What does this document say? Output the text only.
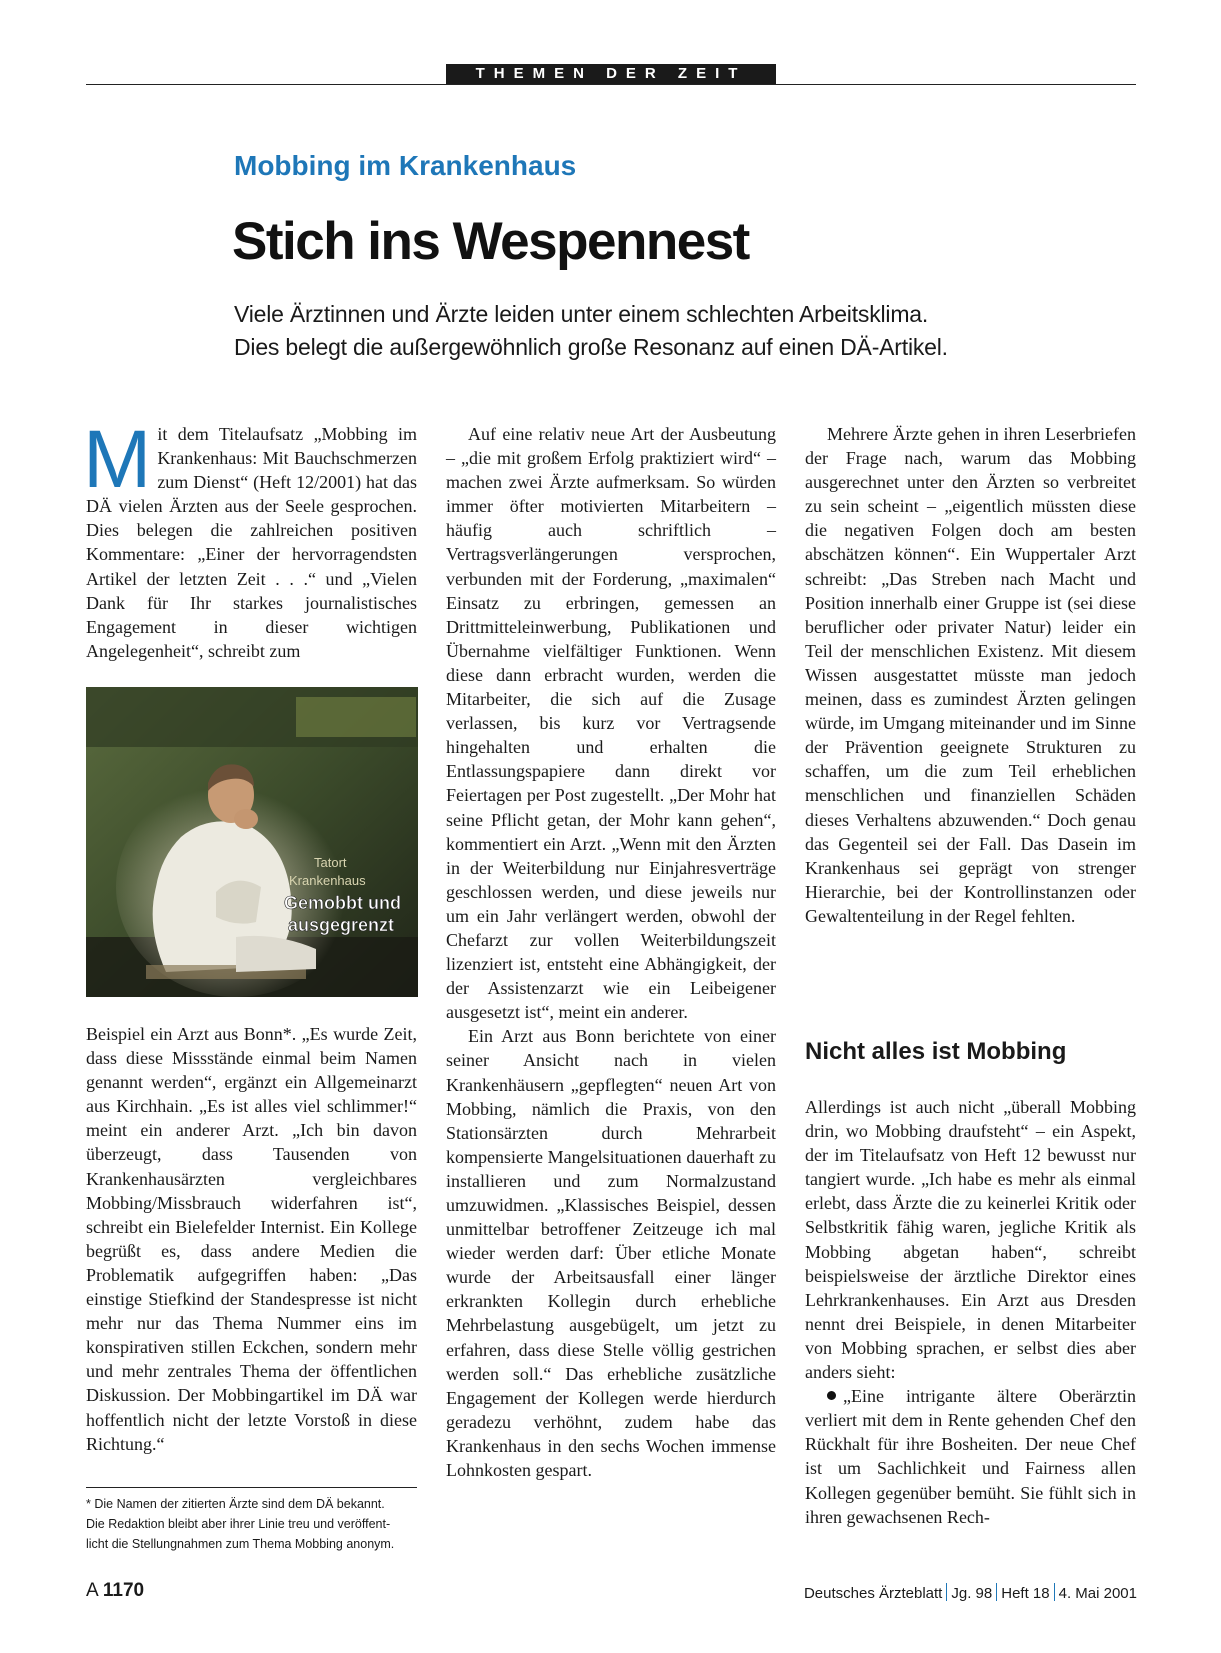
THEMEN DER ZEIT
Mobbing im Krankenhaus
Stich ins Wespennest
Viele Ärztinnen und Ärzte leiden unter einem schlechten Arbeitsklima.
Dies belegt die außergewöhnlich große Resonanz auf einen DÄ-Artikel.

Mit dem Titelaufsatz „Mobbing im Krankenhaus: Mit Bauchschmerzen zum Dienst“ (Heft 12/2001) hat das DÄ vielen Ärzten aus der Seele gesprochen. Dies belegen die zahlreichen positiven Kommentare: „Einer der hervorragendsten Artikel der letzten Zeit . . .“ und „Vielen Dank für Ihr starkes journalistisches Engagement in dieser wichtigen Angelegenheit“, schreibt zum

Tatort
Krankenhaus
Gemobbt und
ausgegrenzt

Beispiel ein Arzt aus Bonn*. „Es wurde Zeit, dass diese Missstände einmal beim Namen genannt werden“, ergänzt ein Allgemeinarzt aus Kirchhain. „Es ist alles viel schlimmer!“ meint ein anderer Arzt. „Ich bin davon überzeugt, dass Tausenden von Krankenhausärzten vergleichbares Mobbing/Missbrauch widerfahren ist“, schreibt ein Bielefelder Internist. Ein Kollege begrüßt es, dass andere Medien die Problematik aufgegriffen haben: „Das einstige Stiefkind der Standespresse ist nicht mehr nur das Thema Nummer eins im konspirativen stillen Eckchen, sondern mehr und mehr zentrales Thema der öffentlichen Diskussion. Der Mobbingartikel im DÄ war hoffentlich nicht der letzte Vorstoß in diese Richtung.“

* Die Namen der zitierten Ärzte sind dem DÄ bekannt.
Die Redaktion bleibt aber ihrer Linie treu und veröffent-
licht die Stellungnahmen zum Thema Mobbing anonym.

Auf eine relativ neue Art der Ausbeutung – „die mit großem Erfolg praktiziert wird“ – machen zwei Ärzte aufmerksam. So würden immer öfter motivierten Mitarbeitern – häufig auch schriftlich – Vertragsverlängerungen versprochen, verbunden mit der Forderung, „maximalen“ Einsatz zu erbringen, gemessen an Drittmitteleinwerbung, Publikationen und Übernahme vielfältiger Funktionen. Wenn diese dann erbracht wurden, werden die Mitarbeiter, die sich auf die Zusage verlassen, bis kurz vor Vertragsende hingehalten und erhalten die Entlassungspapiere dann direkt vor Feiertagen per Post zugestellt. „Der Mohr hat seine Pflicht getan, der Mohr kann gehen“, kommentiert ein Arzt. „Wenn mit den Ärzten in der Weiterbildung nur Einjahresverträge geschlossen werden, und diese jeweils nur um ein Jahr verlängert werden, obwohl der Chefarzt zur vollen Weiterbildungszeit lizenziert ist, entsteht eine Abhängigkeit, der der Assistenzarzt wie ein Leibeigener ausgesetzt ist“, meint ein anderer.

Ein Arzt aus Bonn berichtete von einer seiner Ansicht nach in vielen Krankenhäusern „gepflegten“ neuen Art von Mobbing, nämlich die Praxis, von den Stationsärzten durch Mehrarbeit kompensierte Mangelsituationen dauerhaft zu installieren und zum Normalzustand umzuwidmen. „Klassisches Beispiel, dessen unmittelbar betroffener Zeitzeuge ich mal wieder werden darf: Über etliche Monate wurde der Arbeitsausfall einer länger erkrankten Kollegin durch erhebliche Mehrbelastung ausgebügelt, um jetzt zu erfahren, dass diese Stelle völlig gestrichen werden soll.“ Das erhebliche zusätzliche Engagement der Kollegen werde hierdurch geradezu verhöhnt, zudem habe das Krankenhaus in den sechs Wochen immense Lohnkosten gespart.

Mehrere Ärzte gehen in ihren Leserbriefen der Frage nach, warum das Mobbing ausgerechnet unter den Ärzten so verbreitet zu sein scheint – „eigentlich müssten diese die negativen Folgen doch am besten abschätzen können“. Ein Wuppertaler Arzt schreibt: „Das Streben nach Macht und Position innerhalb einer Gruppe ist (sei diese beruflicher oder privater Natur) leider ein Teil der menschlichen Existenz. Mit diesem Wissen ausgestattet müsste man jedoch meinen, dass es zumindest Ärzten gelingen würde, im Umgang miteinander und im Sinne der Prävention geeignete Strukturen zu schaffen, um die zum Teil erheblichen menschlichen und finanziellen Schäden dieses Verhaltens abzuwenden.“ Doch genau das Gegenteil sei der Fall. Das Dasein im Krankenhaus sei geprägt von strenger Hierarchie, bei der Kontrollinstanzen oder Gewaltenteilung in der Regel fehlten.

Nicht alles ist Mobbing

Allerdings ist auch nicht „überall Mobbing drin, wo Mobbing draufsteht“ – ein Aspekt, der im Titelaufsatz von Heft 12 bewusst nur tangiert wurde. „Ich habe es mehr als einmal erlebt, dass Ärzte die zu keinerlei Kritik oder Selbstkritik fähig waren, jegliche Kritik als Mobbing abgetan haben“, schreibt beispielsweise der ärztliche Direktor eines Lehrkrankenhauses. Ein Arzt aus Dresden nennt drei Beispiele, in denen Mitarbeiter von Mobbing sprachen, er selbst dies aber anders sieht:

„Eine intrigante ältere Oberärztin verliert mit dem in Rente gehenden Chef den Rückhalt für ihre Bosheiten. Der neue Chef ist um Sachlichkeit und Fairness allen Kollegen gegenüber bemüht. Sie fühlt sich in ihren gewachsenen Rech-

A 1170	Deutsches Ärzteblatt Jg. 98 Heft 18 4. Mai 2001
